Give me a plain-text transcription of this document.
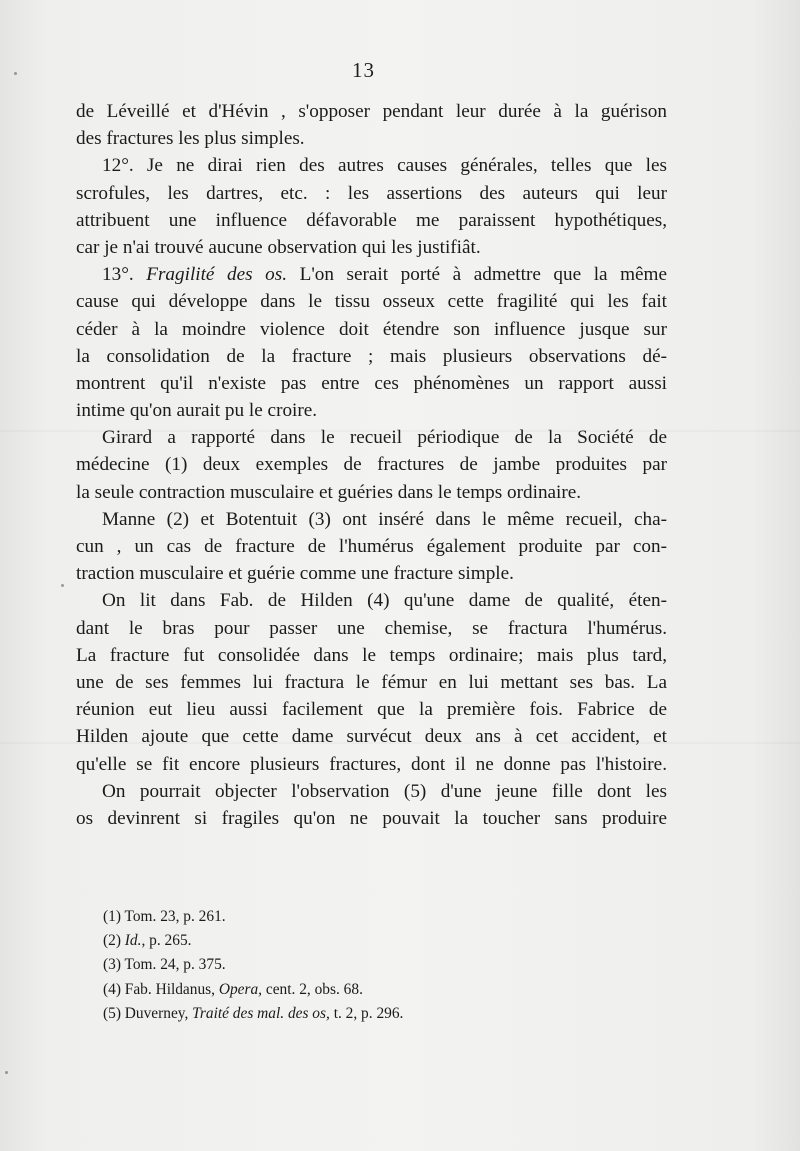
13
de Léveillé et d'Hévin , s'opposer pendant leur durée à la guérison
des fractures les plus simples.
12°. Je ne dirai rien des autres causes générales, telles que les
scrofules, les dartres, etc. : les assertions des auteurs qui leur
attribuent une influence défavorable me paraissent hypothétiques,
car je n'ai trouvé aucune observation qui les justifiât.
13°. Fragilité des os. L'on serait porté à admettre que la même
cause qui développe dans le tissu osseux cette fragilité qui les fait
céder à la moindre violence doit étendre son influence jusque sur
la consolidation de la fracture ; mais plusieurs observations dé-
montrent qu'il n'existe pas entre ces phénomènes un rapport aussi
intime qu'on aurait pu le croire.
Girard a rapporté dans le recueil périodique de la Société de
médecine (1) deux exemples de fractures de jambe produites par
la seule contraction musculaire et guéries dans le temps ordinaire.
Manne (2) et Botentuit (3) ont inséré dans le même recueil, cha-
cun , un cas de fracture de l'humérus également produite par con-
traction musculaire et guérie comme une fracture simple.
On lit dans Fab. de Hilden (4) qu'une dame de qualité, éten-
dant le bras pour passer une chemise, se fractura l'humérus.
La fracture fut consolidée dans le temps ordinaire; mais plus tard,
une de ses femmes lui fractura le fémur en lui mettant ses bas. La
réunion eut lieu aussi facilement que la première fois. Fabrice de
Hilden ajoute que cette dame survécut deux ans à cet accident, et
qu'elle se fit encore plusieurs fractures, dont il ne donne pas l'histoire.
On pourrait objecter l'observation (5) d'une jeune fille dont les
os devinrent si fragiles qu'on ne pouvait la toucher sans produire
(1) Tom. 23, p. 261.
(2) Id., p. 265.
(3) Tom. 24, p. 375.
(4) Fab. Hildanus, Opera, cent. 2, obs. 68.
(5) Duverney, Traité des mal. des os, t. 2, p. 296.
